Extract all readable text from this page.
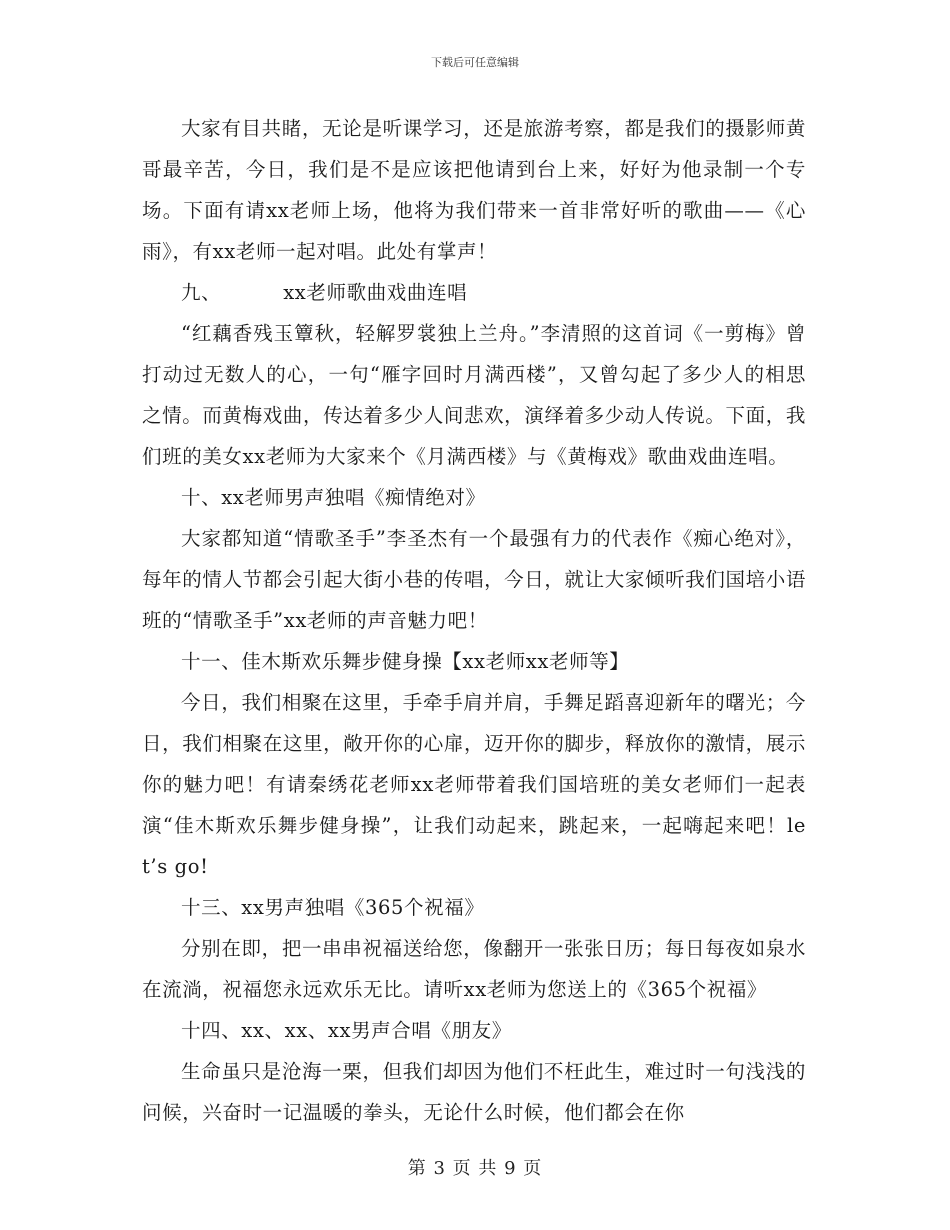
下载后可任意编辑

大家有目共睹，无论是听课学习，还是旅游考察，都是我们的摄影师黄哥最辛苦，今日，我们是不是应该把他请到台上来，好好为他录制一个专场。下面有请xx老师上场，他将为我们带来一首非常好听的歌曲——《心雨》，有xx老师一起对唱。此处有掌声！

九、	xx老师歌曲戏曲连唱

“红藕香残玉簟秋，轻解罗裳独上兰舟。”李清照的这首词《一剪梅》曾打动过无数人的心，一句“雁字回时月满西楼”，又曾勾起了多少人的相思之情。而黄梅戏曲，传达着多少人间悲欢，演绎着多少动人传说。下面，我们班的美女xx老师为大家来个《月满西楼》与《黄梅戏》歌曲戏曲连唱。

十、xx老师男声独唱《痴情绝对》

大家都知道“情歌圣手”李圣杰有一个最强有力的代表作《痴心绝对》，每年的情人节都会引起大街小巷的传唱，今日，就让大家倾听我们国培小语班的“情歌圣手”xx老师的声音魅力吧！

十一、佳木斯欢乐舞步健身操【xx老师xx老师等】

今日，我们相聚在这里，手牵手肩并肩，手舞足蹈喜迎新年的曙光；今日，我们相聚在这里，敞开你的心扉，迈开你的脚步，释放你的激情，展示你的魅力吧！有请秦绣花老师xx老师带着我们国培班的美女老师们一起表演“佳木斯欢乐舞步健身操”，让我们动起来，跳起来，一起嗨起来吧！let’s go!

十三、xx男声独唱《365个祝福》

分别在即，把一串串祝福送给您，像翻开一张张日历；每日每夜如泉水在流淌，祝福您永远欢乐无比。请听xx老师为您送上的《365个祝福》

十四、xx、xx、xx男声合唱《朋友》

生命虽只是沧海一栗，但我们却因为他们不枉此生，难过时一句浅浅的问候，兴奋时一记温暖的拳头，无论什么时候，他们都会在你

第 3 页 共 9 页
